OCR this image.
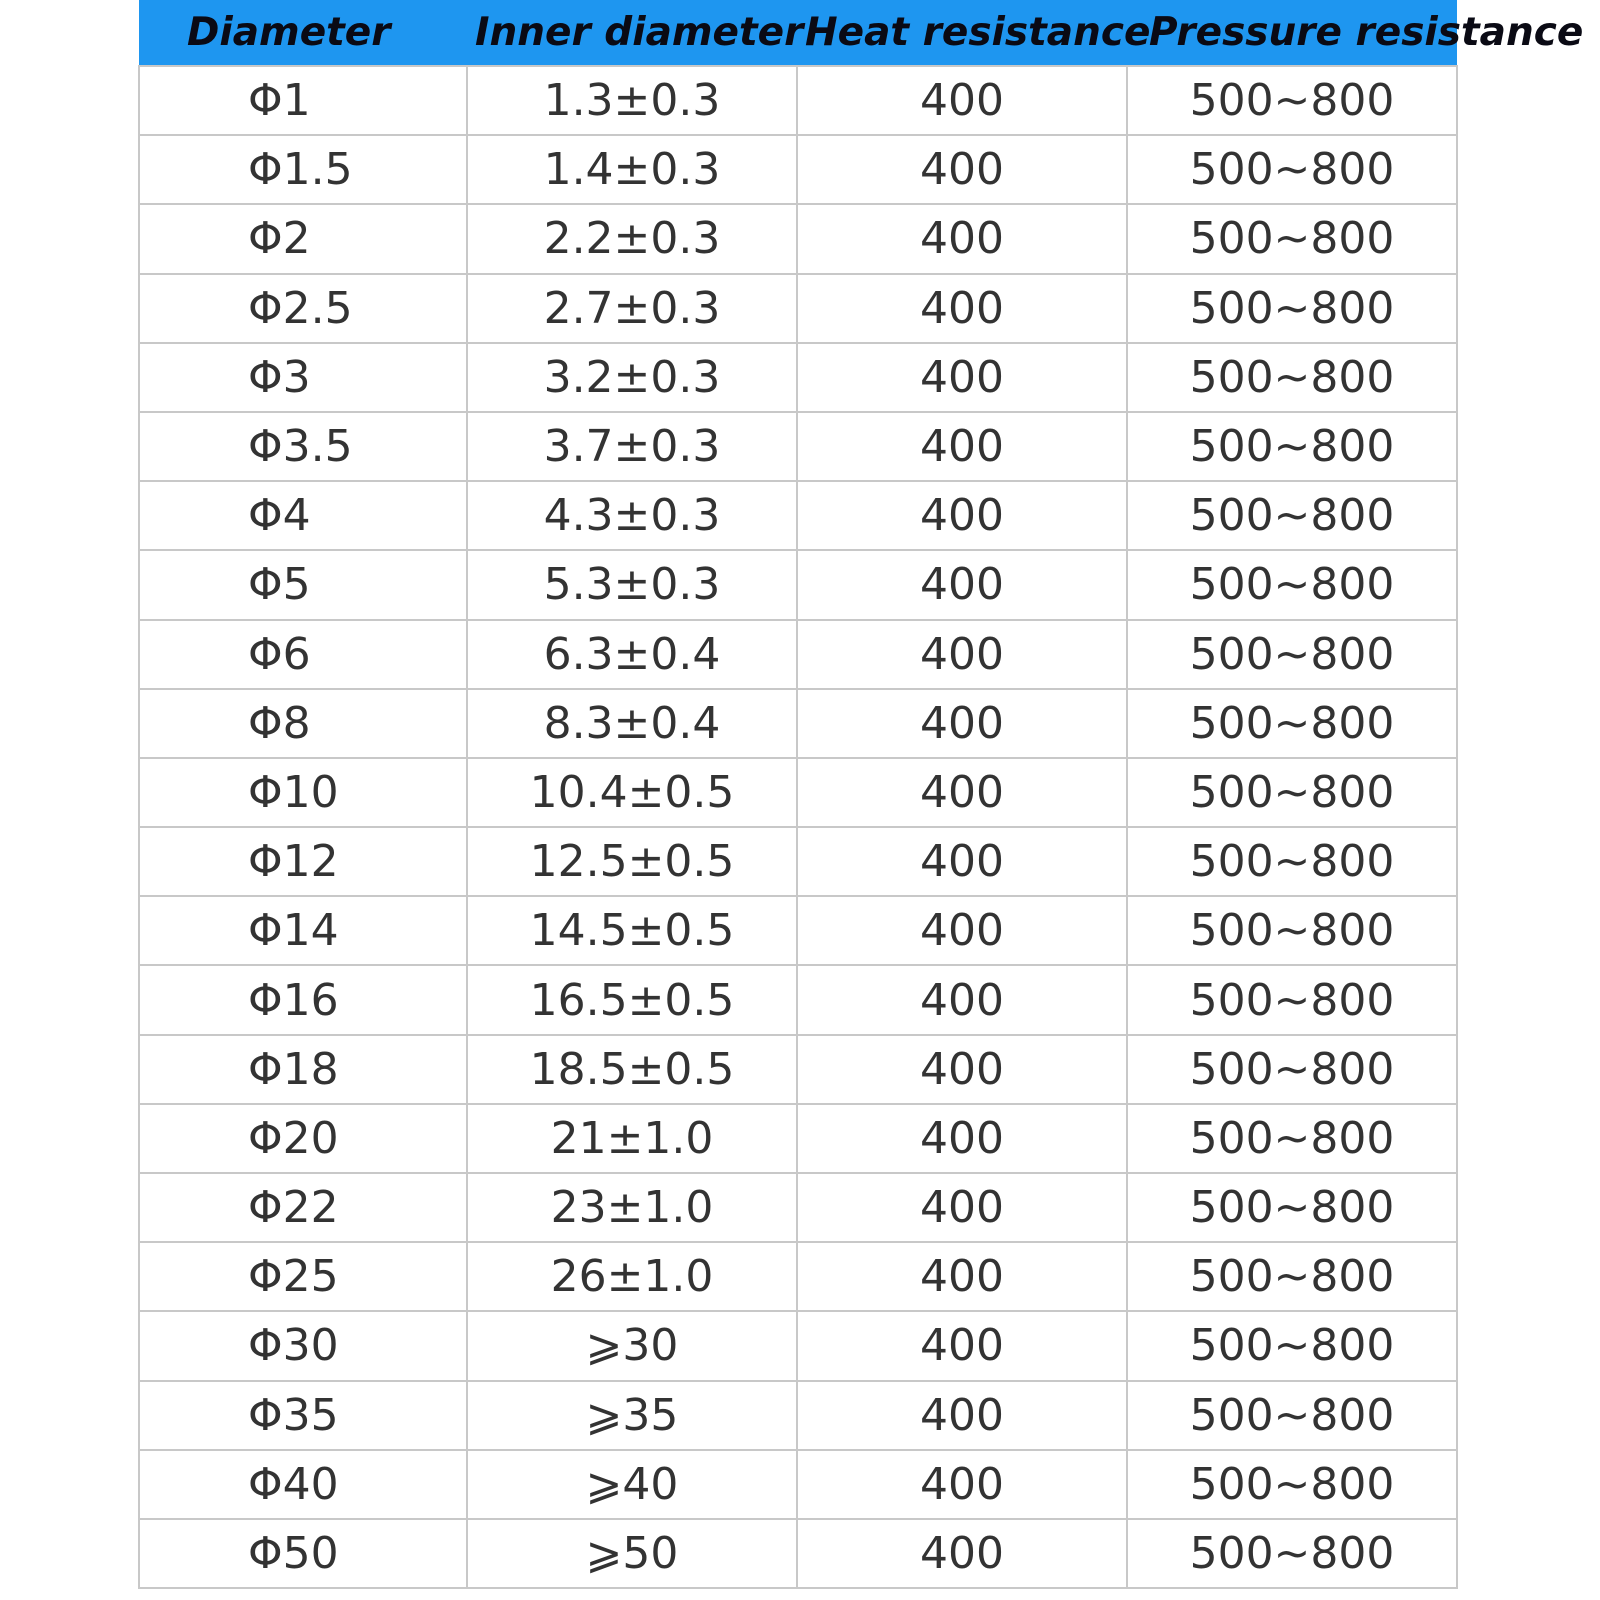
Diameter	Inner diameter	Heat resistance	Pressure resistance
Φ1	1.3±0.3	400	500~800
Φ1.5	1.4±0.3	400	500~800
Φ2	2.2±0.3	400	500~800
Φ2.5	2.7±0.3	400	500~800
Φ3	3.2±0.3	400	500~800
Φ3.5	3.7±0.3	400	500~800
Φ4	4.3±0.3	400	500~800
Φ5	5.3±0.3	400	500~800
Φ6	6.3±0.4	400	500~800
Φ8	8.3±0.4	400	500~800
Φ10	10.4±0.5	400	500~800
Φ12	12.5±0.5	400	500~800
Φ14	14.5±0.5	400	500~800
Φ16	16.5±0.5	400	500~800
Φ18	18.5±0.5	400	500~800
Φ20	21±1.0	400	500~800
Φ22	23±1.0	400	500~800
Φ25	26±1.0	400	500~800
Φ30	⩾30	400	500~800
Φ35	⩾35	400	500~800
Φ40	⩾40	400	500~800
Φ50	⩾50	400	500~800
